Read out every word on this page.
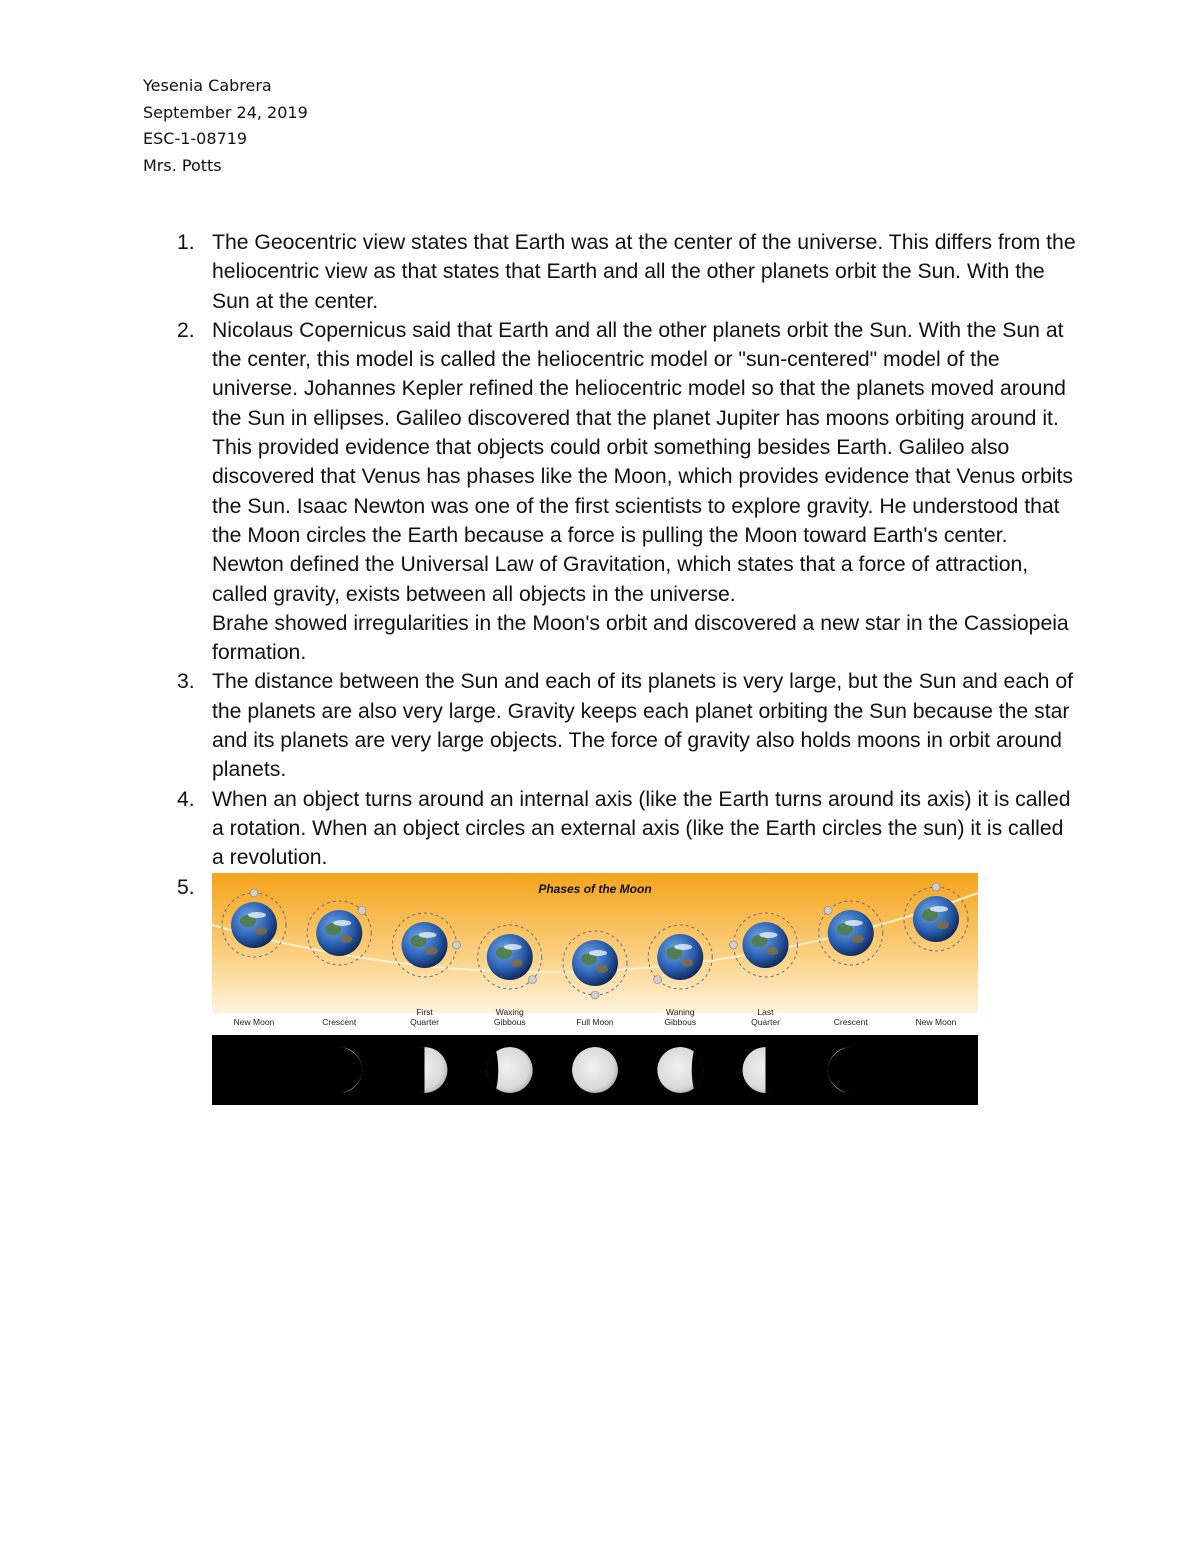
Yesenia Cabrera
September 24, 2019
ESC-1-08719
Mrs. Potts
1. The Geocentric view states that Earth was at the center of the universe. This differs from the heliocentric view as that states that Earth and all the other planets orbit the Sun. With the Sun at the center.
2. Nicolaus Copernicus said that Earth and all the other planets orbit the Sun. With the Sun at the center, this model is called the heliocentric model or "sun-centered" model of the universe. Johannes Kepler refined the heliocentric model so that the planets moved around the Sun in ellipses. Galileo discovered that the planet Jupiter has moons orbiting around it. This provided evidence that objects could orbit something besides Earth. Galileo also discovered that Venus has phases like the Moon, which provides evidence that Venus orbits the Sun. Isaac Newton was one of the first scientists to explore gravity. He understood that the Moon circles the Earth because a force is pulling the Moon toward Earth's center. Newton defined the Universal Law of Gravitation, which states that a force of attraction, called gravity, exists between all objects in the universe.
Brahe showed irregularities in the Moon's orbit and discovered a new star in the Cassiopeia formation.
3. The distance between the Sun and each of its planets is very large, but the Sun and each of the planets are also very large. Gravity keeps each planet orbiting the Sun because the star and its planets are very large objects. The force of gravity also holds moons in orbit around planets.
4. When an object turns around an internal axis (like the Earth turns around its axis) it is called a rotation. When an object circles an external axis (like the Earth circles the sun) it is called a revolution.
5.	Phases of the Moon
New Moon	Crescent
First
Quarter
Waxing
Gibbous	Full Moon
Waning
Gibbous
Last
Quarter	Crescent	New Moon
